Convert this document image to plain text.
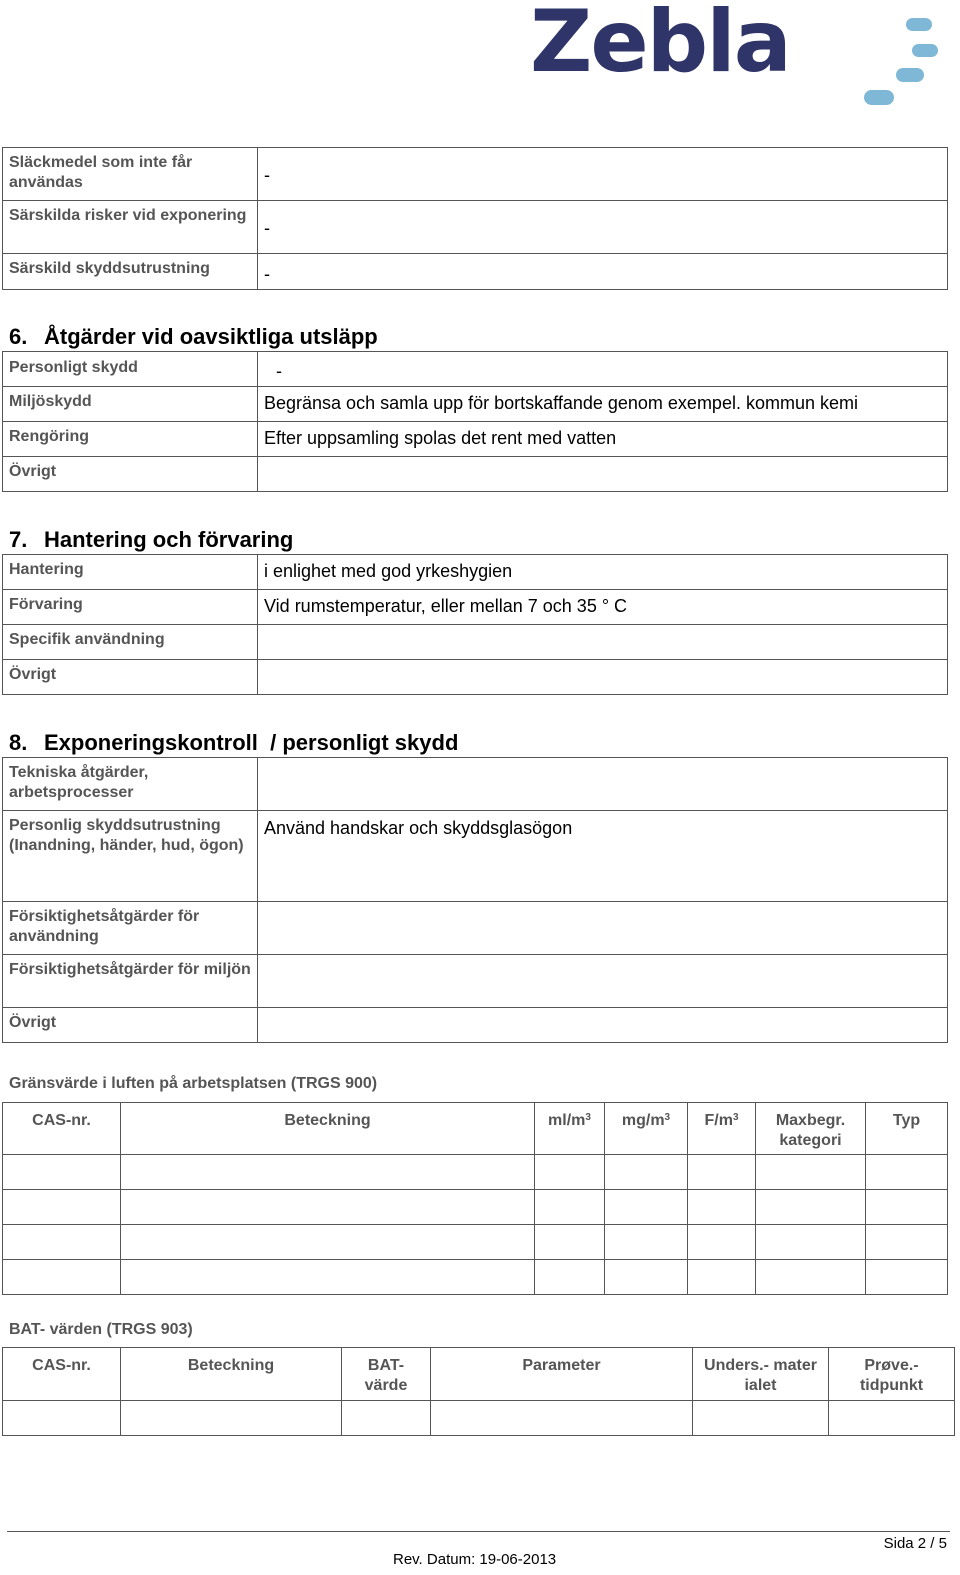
Zebla
Släckmedel som inte får användas	-
Särskilda risker vid exponering	-
Särskild skyddsutrustning	-
6. Åtgärder vid oavsiktliga utsläpp
Personligt skydd	-
Miljöskydd	Begränsa och samla upp för bortskaffande genom exempel. kommun kemi
Rengöring	Efter uppsamling spolas det rent med vatten
Övrigt	
7. Hantering och förvaring
Hantering	i enlighet med god yrkeshygien
Förvaring	Vid rumstemperatur, eller mellan 7 och 35 ° C
Specifik användning	
Övrigt	
8. Exponeringskontroll  / personligt skydd
Tekniska åtgärder, arbetsprocesser	
Personlig skyddsutrustning (Inandning, händer, hud, ögon)	Använd handskar och skyddsglasögon
Försiktighetsåtgärder för användning	
Försiktighetsåtgärder för miljön	
Övrigt	
Gränsvärde i luften på arbetsplatsen (TRGS 900)
CAS-nr.	Beteckning	$ml/m^3$	$mg/m^3$	$F/m^3$	Maxbegr. kategori	Typ

BAT- värden (TRGS 903)
CAS-nr.	Beteckning	BAT- värde	Parameter	Unders.- mater ialet	Prøve.- tidpunkt

Sida 2 / 5
Rev. Datum: 19-06-2013
